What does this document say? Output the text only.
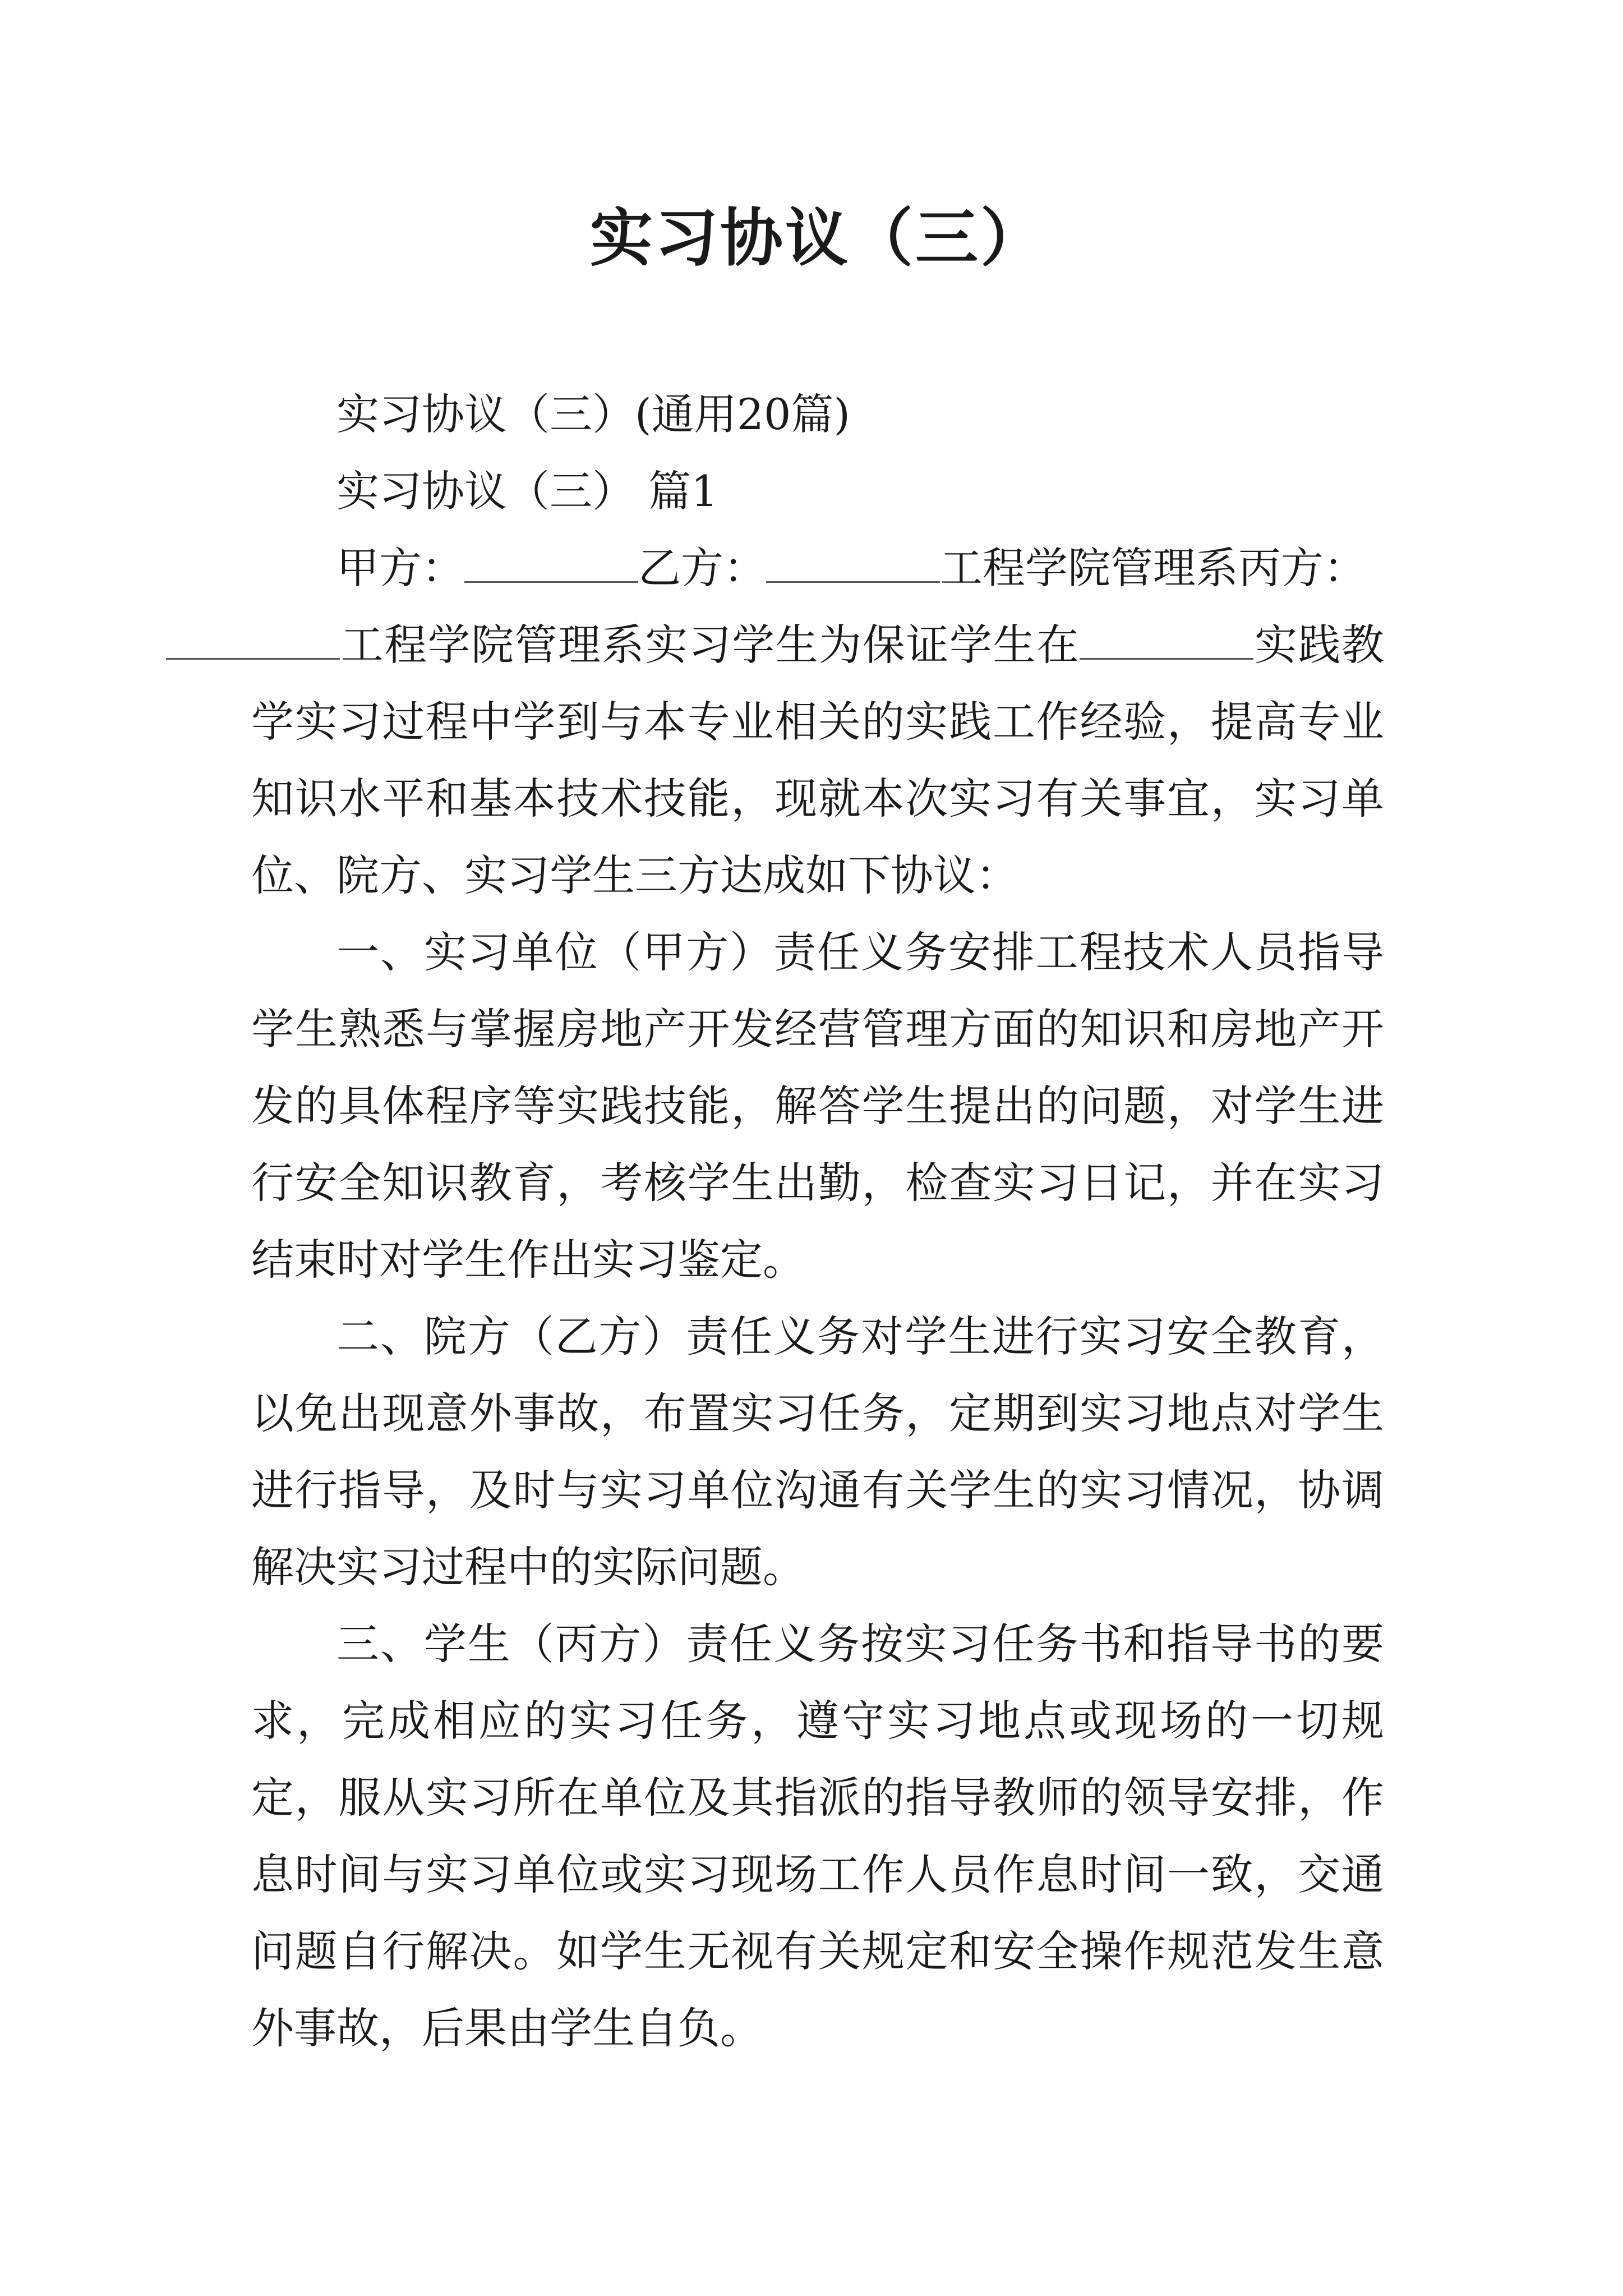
实习协议（三）

实习协议（三）(通用20篇)

实习协议（三） 篇1

甲方：	乙方：	工程学院管理系丙方：
工程学院管理系实习学生为保证学生在	实践教学实习过程中学到与本专业相关的实践工作经验，提高专业知识水平和基本技术技能，现就本次实习有关事宜，实习单位、院方、实习学生三方达成如下协议：

一、实习单位（甲方）责任义务安排工程技术人员指导学生熟悉与掌握房地产开发经营管理方面的知识和房地产开发的具体程序等实践技能，解答学生提出的问题，对学生进行安全知识教育，考核学生出勤，检查实习日记，并在实习结束时对学生作出实习鉴定。

二、院方（乙方）责任义务对学生进行实习安全教育，以免出现意外事故，布置实习任务，定期到实习地点对学生进行指导，及时与实习单位沟通有关学生的实习情况，协调解决实习过程中的实际问题。

三、学生（丙方）责任义务按实习任务书和指导书的要求，完成相应的实习任务，遵守实习地点或现场的一切规定，服从实习所在单位及其指派的指导教师的领导安排，作息时间与实习单位或实习现场工作人员作息时间一致，交通问题自行解决。如学生无视有关规定和安全操作规范发生意外事故，后果由学生自负。
